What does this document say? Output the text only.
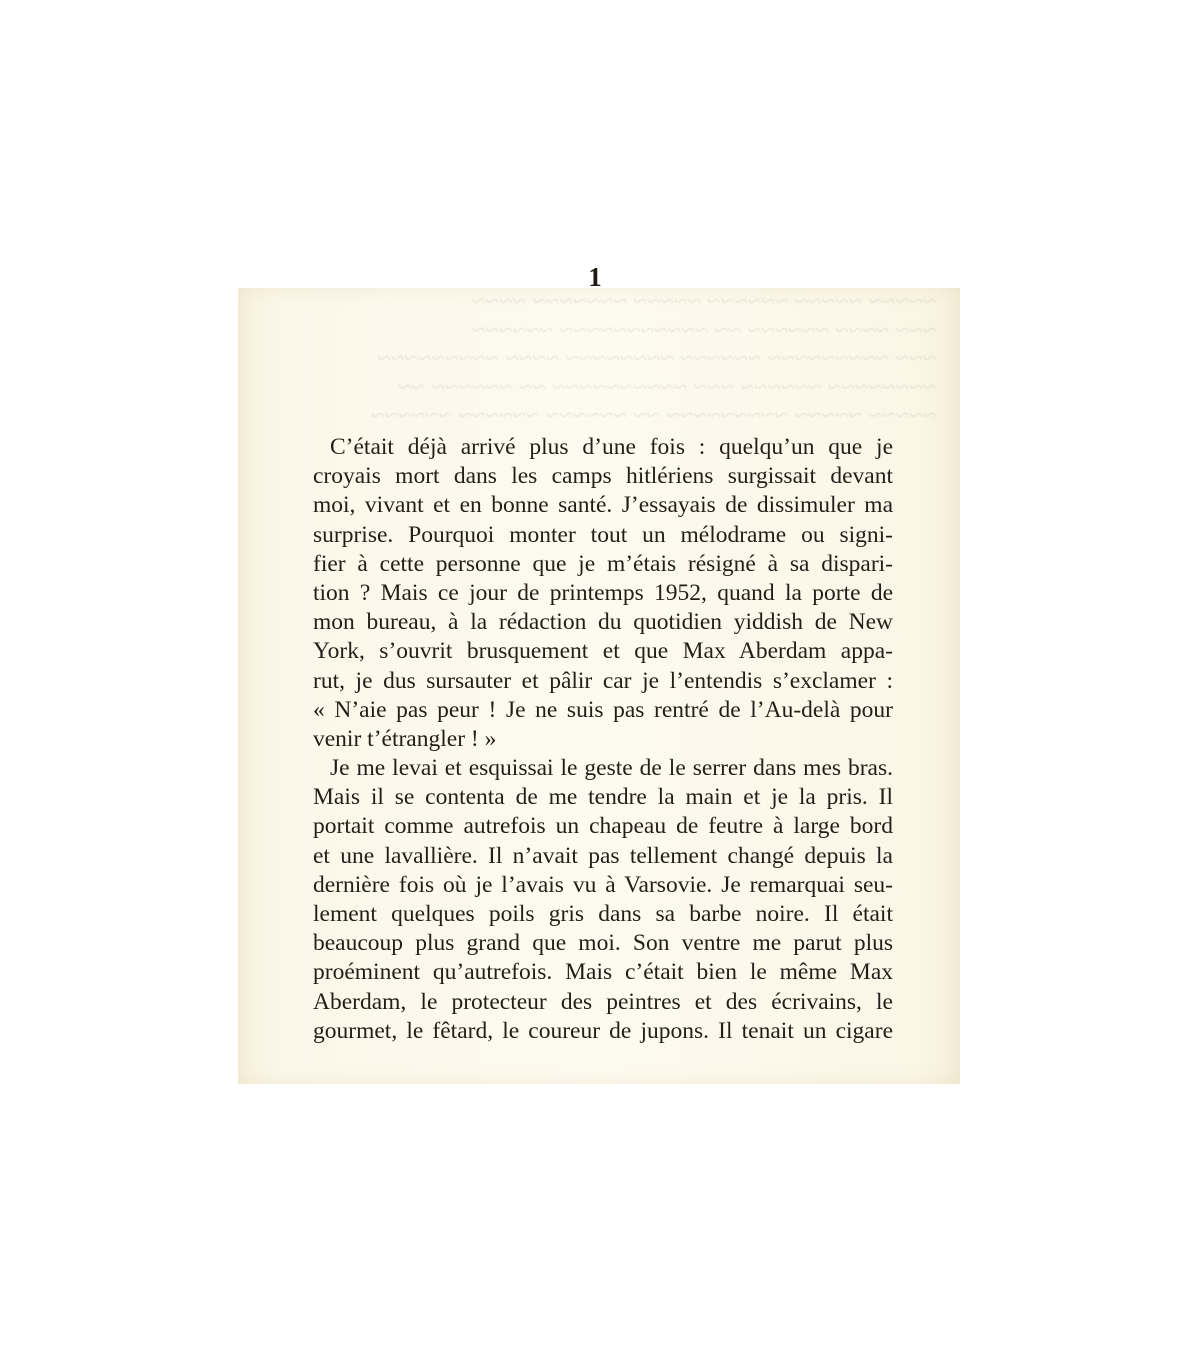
~~~~~ ~~~~~ ~~~~~~ ~~~~~ ~~~~~~~ ~~~~
~~~ ~~~~ ~~~~~~ ~~ ~~~~~~~~~~~ ~~~~~~
~~~ ~~~~~~~~~ ~~~~~~ ~~~~~~~~ ~~~~ ~~~~~~~~~
~~~~~~~~ ~~~~~~ ~~~ ~~~~~~~~~~ ~~ ~~~~~~ ~~
~~~~~ ~~~~~ ~~~~~~~~~ ~~ ~~~~~~ ~~~~~~ ~~~~~~
1
C’était déjà arrivé plus d’une fois : quelqu’un que je
croyais mort dans les camps hitlériens surgissait devant
moi, vivant et en bonne santé. J’essayais de dissimuler ma
surprise. Pourquoi monter tout un mélodrame ou signi-
fier à cette personne que je m’étais résigné à sa dispari-
tion ? Mais ce jour de printemps 1952, quand la porte de
mon bureau, à la rédaction du quotidien yiddish de New
York, s’ouvrit brusquement et que Max Aberdam appa-
rut, je dus sursauter et pâlir car je l’entendis s’exclamer :
« N’aie pas peur ! Je ne suis pas rentré de l’Au-delà pour
venir t’étrangler ! »
Je me levai et esquissai le geste de le serrer dans mes bras.
Mais il se contenta de me tendre la main et je la pris. Il
portait comme autrefois un chapeau de feutre à large bord
et une lavallière. Il n’avait pas tellement changé depuis la
dernière fois où je l’avais vu à Varsovie. Je remarquai seu-
lement quelques poils gris dans sa barbe noire. Il était
beaucoup plus grand que moi. Son ventre me parut plus
proéminent qu’autrefois. Mais c’était bien le même Max
Aberdam, le protecteur des peintres et des écrivains, le
gourmet, le fêtard, le coureur de jupons. Il tenait un cigare
